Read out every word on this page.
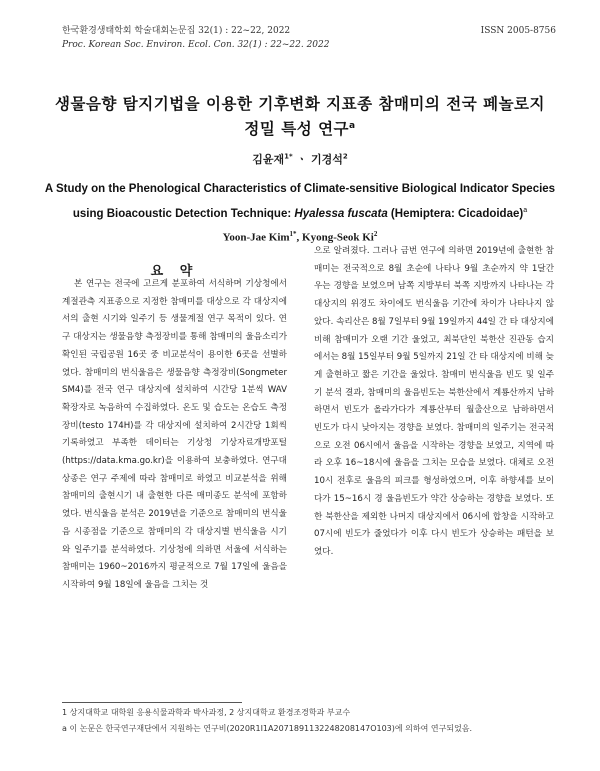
한국환경생태학회 학술대회논문집 32(1) : 22~22, 2022
Proc. Korean Soc. Environ. Ecol. Con. 32(1) : 22~22. 2022
ISSN 2005-8756
생물음향 탐지기법을 이용한 기후변화 지표종 참매미의 전국 페놀로지
정밀 특성 연구$^a$
김윤재$^{1*}$ ㆍ 기경석$^2$
A Study on the Phenological Characteristics of Climate-sensitive Biological Indicator Species
using Bioacoustic Detection Technique: Hyalessa fuscata (Hemiptera: Cicadoidae)$^a$
Yoon-Jae Kim$^{1*}$, Kyong-Seok Ki$^2$
요 약
본 연구는 전국에 고르게 분포하여 서식하며 기상청에서 계절관측 지표종으로 지정한 참매미를 대상으로 각 대상지에서의 출현 시기와 일주기 등 생물계절 연구 목적이 있다. 연구 대상지는 생물음향 측정장비를 통해 참매미의 울음소리가 확인된 국립공원 16곳 중 비교분석이 용이한 6곳을 선별하였다. 참매미의 번식울음은 생물음향 측정장비(Songmeter SM4)를 전국 연구 대상지에 설치하여 시간당 1분씩 WAV 확장자로 녹음하여 수집하였다. 온도 및 습도는 온습도 측정장비(testo 174H)를 각 대상지에 설치하여 2시간당 1회씩 기록하였고 부족한 데이터는 기상청 기상자료개방포털(https://data.kma.go.kr)을 이용하여 보충하였다. 연구대상종은 연구 주제에 따라 참매미로 하였고 비교분석을 위해 참매미의 출현시기 내 출현한 다른 매미종도 분석에 포함하였다. 번식울음 분석은 2019년을 기준으로 참매미의 번식울음 시종점을 기준으로 참매미의 각 대상지별 번식울음 시기와 일주기를 분석하였다. 기상청에 의하면 서울에 서식하는 참매미는 1960~2016까지 평균적으로 7월 17일에 울음을 시작하여 9월 18일에 울음을 그치는 것
으로 알려졌다. 그러나 금번 연구에 의하면 2019년에 출현한 참매미는 전국적으로 8월 초순에 나타나 9월 초순까지 약 1달간 우는 경향을 보였으며 남쪽 지방부터 북쪽 지방까지 나타나는 각 대상지의 위경도 차이에도 번식울음 기간에 차이가 나타나지 않았다. 속리산은 8월 7일부터 9월 19일까지 44일 간 타 대상지에 비해 참매미가 오랜 기간 울었고, 최북단인 북한산 진관동 습지에서는 8월 15일부터 9월 5일까지 21일 간 타 대상지에 비해 늦게 출현하고 짧은 기간을 울었다. 참매미 번식울음 빈도 및 일주기 분석 결과, 참매미의 울음빈도는 북한산에서 계룡산까지 남하하면서 빈도가 올라가다가 계룡산부터 월출산으로 남하하면서 빈도가 다시 낮아지는 경향을 보였다. 참매미의 일주기는 전국적으로 오전 06시에서 울음을 시작하는 경향을 보였고, 지역에 따라 오후 16~18시에 울음을 그치는 모습을 보였다. 대체로 오전 10시 전후로 울음의 피크를 형성하였으며, 이후 하향세를 보이다가 15~16시 경 울음빈도가 약간 상승하는 경향을 보였다. 또한 북한산을 제외한 나머지 대상지에서 06시에 합창을 시작하고 07시에 빈도가 줄었다가 이후 다시 빈도가 상승하는 패턴을 보였다.
1 상지대학교 대학원 응용식물과학과 박사과정, 2 상지대학교 환경조경학과 부교수
a 이 논문은 한국연구재단에서 지원하는 연구비(2020R1I1A2071891132248208147O103)에 의하여 연구되었음.
